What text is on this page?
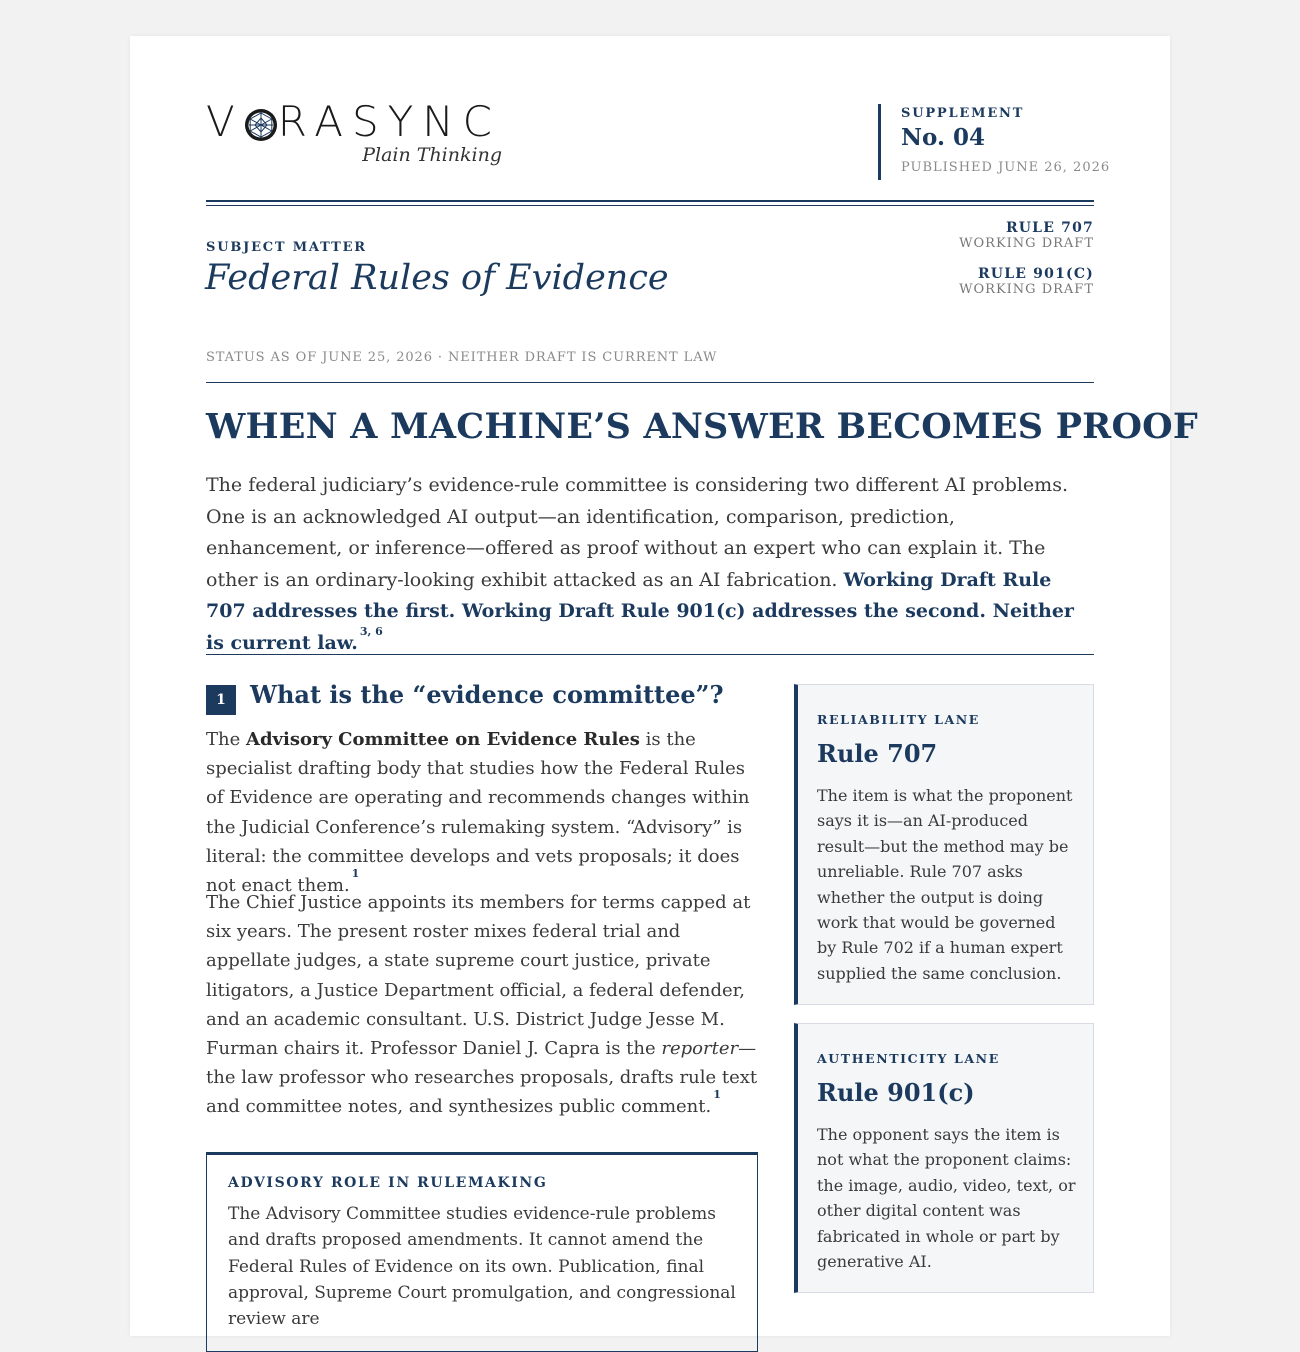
V RASYNC
Plain Thinking
SUPPLEMENT
No. 04
PUBLISHED JUNE 26, 2026
SUBJECT MATTER
Federal Rules of Evidence
RULE 707
WORKING DRAFT
RULE 901(C)
WORKING DRAFT
STATUS AS OF JUNE 25, 2026 · NEITHER DRAFT IS CURRENT LAW
WHEN A MACHINE’S ANSWER BECOMES PROOF
The federal judiciary’s evidence-rule committee is considering two different AI problems. One is an acknowledged AI output—an identification, comparison, prediction, enhancement, or inference—offered as proof without an expert who can explain it. The other is an ordinary-looking exhibit attacked as an AI fabrication. Working Draft Rule 707 addresses the first. Working Draft Rule 901(c) addresses the second. Neither is current law.$^{3, 6}$
1	What is the “evidence committee”?
The Advisory Committee on Evidence Rules is the specialist drafting body that studies how the Federal Rules of Evidence are operating and recommends changes within the Judicial Conference’s rulemaking system. “Advisory” is literal: the committee develops and vets proposals; it does not enact them.$^1$
The Chief Justice appoints its members for terms capped at six years. The present roster mixes federal trial and appellate judges, a state supreme court justice, private litigators, a Justice Department official, a federal defender, and an academic consultant. U.S. District Judge Jesse M. Furman chairs it. Professor Daniel J. Capra is the reporter—the law professor who researches proposals, drafts rule text and committee notes, and synthesizes public comment.$^1$
ADVISORY ROLE IN RULEMAKING
The Advisory Committee studies evidence-rule problems and drafts proposed amendments. It cannot amend the Federal Rules of Evidence on its own. Publication, final approval, Supreme Court promulgation, and congressional review are
RELIABILITY LANE
Rule 707
The item is what the proponent says it is—an AI-produced result—but the method may be unreliable. Rule 707 asks whether the output is doing work that would be governed by Rule 702 if a human expert supplied the same conclusion.
AUTHENTICITY LANE
Rule 901(c)
The opponent says the item is not what the proponent claims: the image, audio, video, text, or other digital content was fabricated in whole or part by generative AI.
